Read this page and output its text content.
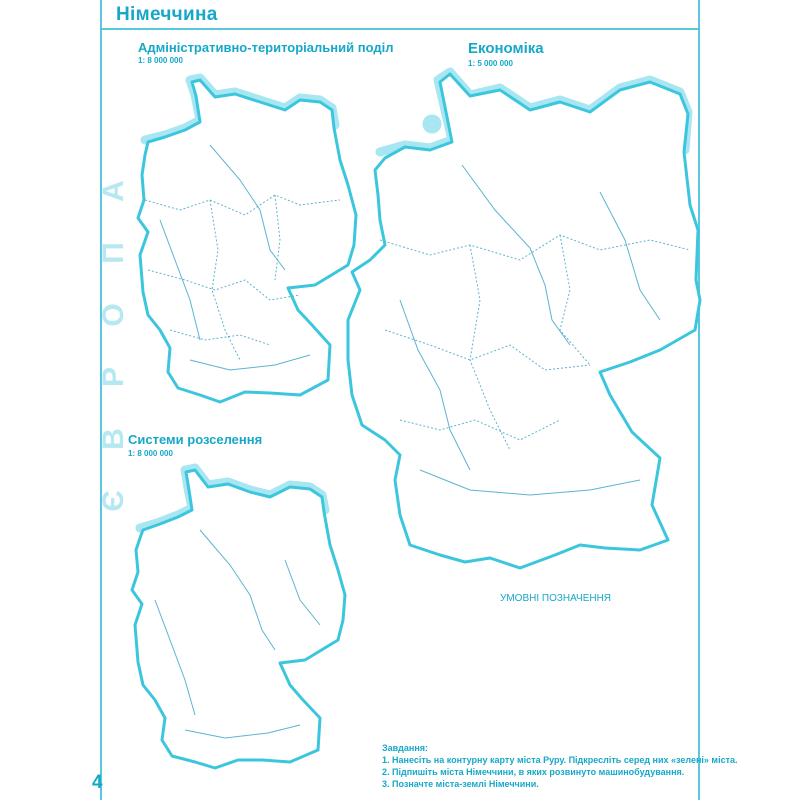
Німеччина
А
П
О
Р
В
Є
Адміністративно-територіальний поділ
1: 8 000 000
Економіка
1: 5 000 000
Системи розселення
1: 8 000 000
УМОВНІ ПОЗНАЧЕННЯ
Завдання:
1. Нанесіть на контурну карту міста Руру. Підкресліть серед них «зелені» міста.
2. Підпишіть міста Німеччини, в яких розвинуто машинобудування.
3. Позначте міста-землі Німеччини.
4
